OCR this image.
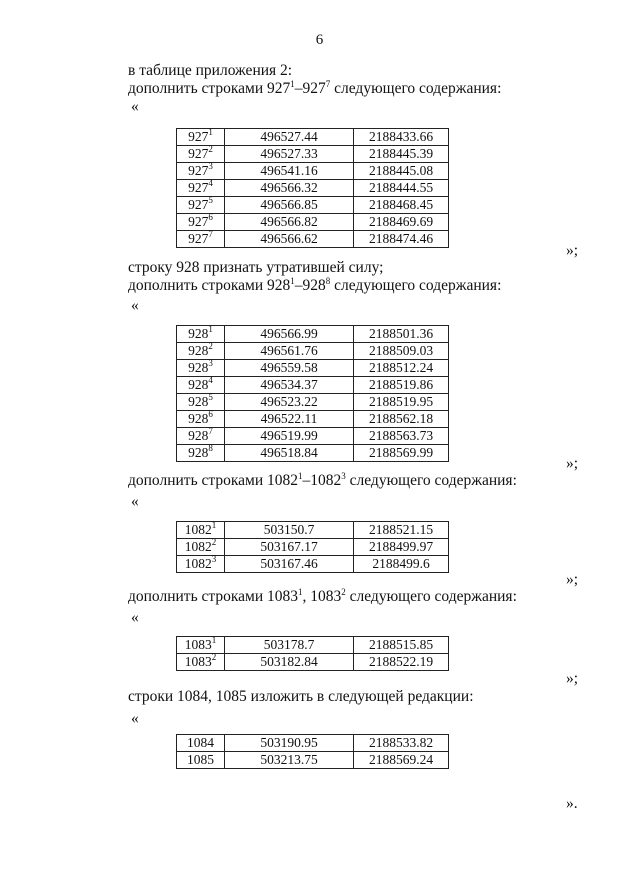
6
в таблице приложения 2:
дополнить строками $927^1-927^7$ следующего содержания:
«
$927^1$	496527.44	2188433.66
$927^2$	496527.33	2188445.39
$927^3$	496541.16	2188445.08
$927^4$	496566.32	2188444.55
$927^5$	496566.85	2188468.45
$927^6$	496566.82	2188469.69
$927^7$	496566.62	2188474.46
»;
строку 928 признать утратившей силу;
дополнить строками $928^1-928^8$ следующего содержания:
«
$928^1$	496566.99	2188501.36
$928^2$	496561.76	2188509.03
$928^3$	496559.58	2188512.24
$928^4$	496534.37	2188519.86
$928^5$	496523.22	2188519.95
$928^6$	496522.11	2188562.18
$928^7$	496519.99	2188563.73
$928^8$	496518.84	2188569.99
»;
дополнить строками 1082$^1$–1082$^3$ следующего содержания:
«
1082$^1$	503150.7	2188521.15
1082$^2$	503167.17	2188499.97
1082$^3$	503167.46	2188499.6
»;
дополнить строками 1083$^1$, 1083$^2$ следующего содержания:
«
1083$^1$	503178.7	2188515.85
1083$^2$	503182.84	2188522.19
»;
строки 1084, 1085 изложить в следующей редакции:
«
1084	503190.95	2188533.82
1085	503213.75	2188569.24
».
